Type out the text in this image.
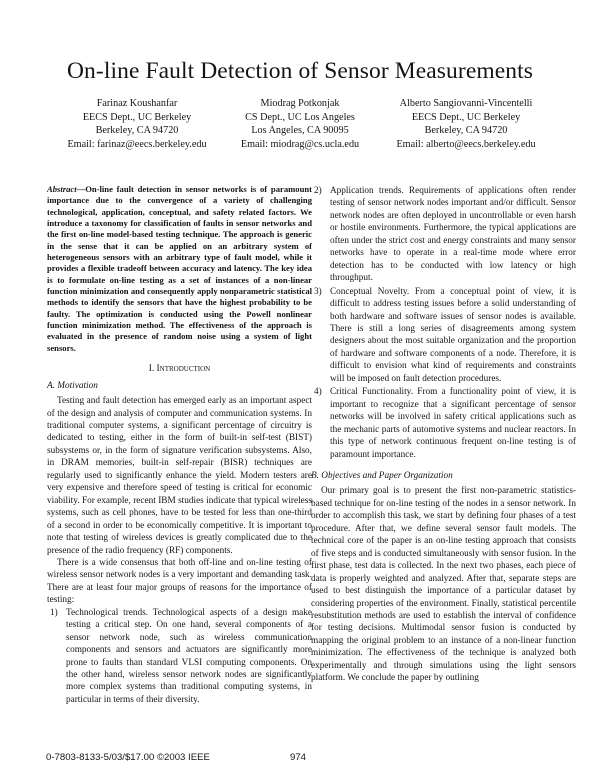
On-line Fault Detection of Sensor Measurements
Farinaz Koushanfar
EECS Dept., UC Berkeley
Berkeley, CA 94720
Email: farinaz@eecs.berkeley.edu
Miodrag Potkonjak
CS Dept., UC Los Angeles
Los Angeles, CA 90095
Email: miodrag@cs.ucla.edu
Alberto Sangiovanni-Vincentelli
EECS Dept., UC Berkeley
Berkeley, CA 94720
Email: alberto@eecs.berkeley.edu

Abstract—On-line fault detection in sensor networks is of paramount importance due to the convergence of a variety of challenging technological, application, conceptual, and safety related factors. We introduce a taxonomy for classification of faults in sensor networks and the first on-line model-based testing technique. The approach is generic in the sense that it can be applied on an arbitrary system of heterogeneous sensors with an arbitrary type of fault model, while it provides a flexible tradeoff between accuracy and latency. The key idea is to formulate on-line testing as a set of instances of a non-linear function minimization and consequently apply nonparametric statistical methods to identify the sensors that have the highest probability to be faulty. The optimization is conducted using the Powell nonlinear function minimization method. The effectiveness of the approach is evaluated in the presence of random noise using a system of light sensors.

I. Introduction
A. Motivation

Testing and fault detection has emerged early as an important aspect of the design and analysis of computer and communication systems. In traditional computer systems, a significant percentage of circuitry is dedicated to testing, either in the form of built-in self-test (BIST) subsystems or, in the form of signature verification subsystems. Also, in DRAM memories, built-in self-repair (BISR) techniques are regularly used to significantly enhance the yield. Modern testers are very expensive and therefore speed of testing is critical for economic viability. For example, recent IBM studies indicate that typical wireless systems, such as cell phones, have to be tested for less than one-third of a second in order to be economically competitive. It is important to note that testing of wireless devices is greatly complicated due to the presence of the radio frequency (RF) components.

There is a wide consensus that both off-line and on-line testing of wireless sensor network nodes is a very important and demanding task. There are at least four major groups of reasons for the importance of testing:

1) Technological trends. Technological aspects of a design make testing a critical step. On one hand, several components of a sensor network node, such as wireless communication components and sensors and actuators are significantly more prone to faults than standard VLSI computing components. On the other hand, wireless sensor network nodes are significantly more complex systems than traditional computing systems, in particular in terms of their diversity.
2) Application trends. Requirements of applications often render testing of sensor network nodes important and/or difficult. Sensor network nodes are often deployed in uncontrollable or even harsh or hostile environments. Furthermore, the typical applications are often under the strict cost and energy constraints and many sensor networks have to operate in a real-time mode where error detection has to be conducted with low latency or high throughput.
3) Conceptual Novelty. From a conceptual point of view, it is difficult to address testing issues before a solid understanding of both hardware and software issues of sensor nodes is available. There is still a long series of disagreements among system designers about the most suitable organization and the proportion of hardware and software components of a node. Therefore, it is difficult to envision what kind of requirements and constraints will be imposed on fault detection procedures.
4) Critical Functionality. From a functionality point of view, it is important to recognize that a significant percentage of sensor networks will be involved in safety critical applications such as the mechanic parts of automotive systems and nuclear reactors. In this type of network continuous frequent on-line testing is of paramount importance.
B. Objectives and Paper Organization

Our primary goal is to present the first non-parametric statistics-based technique for on-line testing of the nodes in a sensor network. In order to accomplish this task, we start by defining four phases of a test procedure. After that, we define several sensor fault models. The technical core of the paper is an on-line testing approach that consists of five steps and is conducted simultaneously with sensor fusion. In the first phase, test data is collected. In the next two phases, each piece of data is properly weighted and analyzed. After that, separate steps are used to best distinguish the importance of a particular dataset by considering properties of the environment. Finally, statistical percentile resubstitution methods are used to establish the interval of confidence for testing decisions. Multimodal sensor fusion is conducted by mapping the original problem to an instance of a non-linear function minimization. The effectiveness of the technique is analyzed both experimentally and through simulations using the light sensors platform. We conclude the paper by outlining

0-7803-8133-5/03/$17.00 ©2003 IEEE	974
